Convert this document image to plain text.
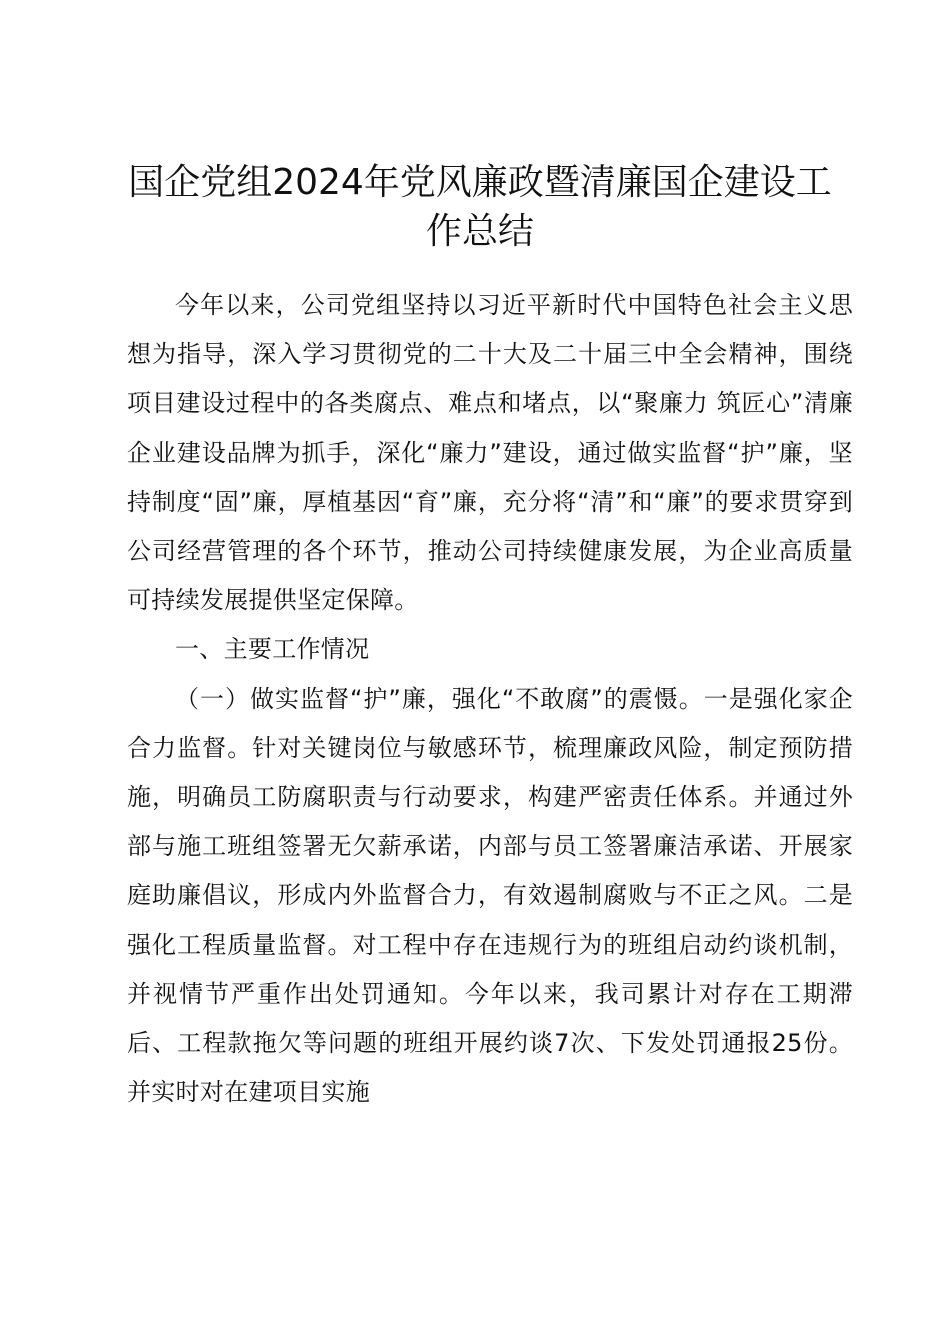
国企党组2024年党风廉政暨清廉国企建设工作总结

今年以来，公司党组坚持以习近平新时代中国特色社会主义思想为指导，深入学习贯彻党的二十大及二十届三中全会精神，围绕项目建设过程中的各类腐点、难点和堵点，以“聚廉力 筑匠心”清廉企业建设品牌为抓手，深化“廉力”建设，通过做实监督“护”廉，坚持制度“固”廉，厚植基因“育”廉，充分将“清”和“廉”的要求贯穿到公司经营管理的各个环节，推动公司持续健康发展，为企业高质量可持续发展提供坚定保障。

一、主要工作情况

（一）做实监督“护”廉，强化“不敢腐”的震慑。一是强化家企合力监督。针对关键岗位与敏感环节，梳理廉政风险，制定预防措施，明确员工防腐职责与行动要求，构建严密责任体系。并通过外部与施工班组签署无欠薪承诺，内部与员工签署廉洁承诺、开展家庭助廉倡议，形成内外监督合力，有效遏制腐败与不正之风。二是强化工程质量监督。对工程中存在违规行为的班组启动约谈机制，并视情节严重作出处罚通知。今年以来，我司累计对存在工期滞后、工程款拖欠等问题的班组开展约谈7次、下发处罚通报25份。并实时对在建项目实施
